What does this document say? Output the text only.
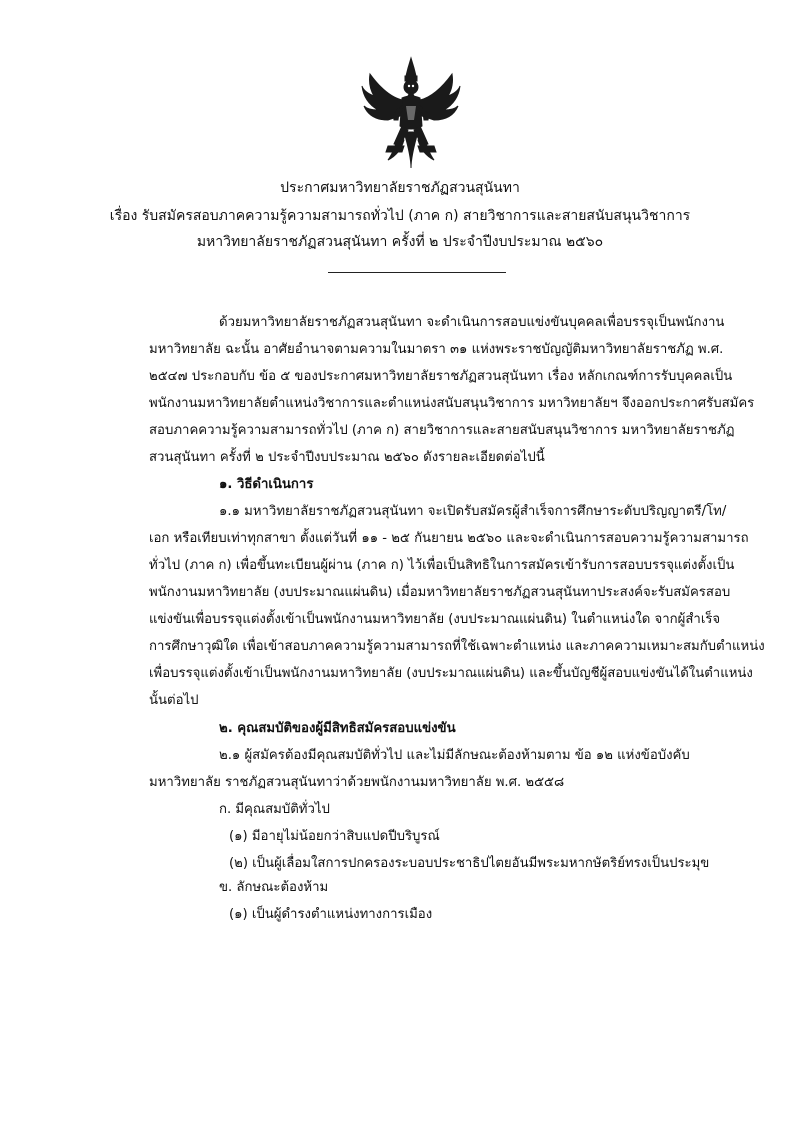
ประกาศมหาวิทยาลัยราชภัฏสวนสุนันทา
เรื่อง รับสมัครสอบภาคความรู้ความสามารถทั่วไป (ภาค ก) สายวิชาการและสายสนับสนุนวิชาการ
มหาวิทยาลัยราชภัฏสวนสุนันทา ครั้งที่ ๒ ประจำปีงบประมาณ ๒๕๖๐
ด้วยมหาวิทยาลัยราชภัฏสวนสุนันทา จะดำเนินการสอบแข่งขันบุคคลเพื่อบรรจุเป็นพนักงาน
มหาวิทยาลัย ฉะนั้น อาศัยอำนาจตามความในมาตรา ๓๑ แห่งพระราชบัญญัติมหาวิทยาลัยราชภัฏ พ.ศ.
๒๕๔๗ ประกอบกับ ข้อ ๕ ของประกาศมหาวิทยาลัยราชภัฏสวนสุนันทา เรื่อง หลักเกณฑ์การรับบุคคลเป็น
พนักงานมหาวิทยาลัยตำแหน่งวิชาการและตำแหน่งสนับสนุนวิชาการ มหาวิทยาลัยฯ จึงออกประกาศรับสมัคร
สอบภาคความรู้ความสามารถทั่วไป (ภาค ก) สายวิชาการและสายสนับสนุนวิชาการ มหาวิทยาลัยราชภัฏ
สวนสุนันทา ครั้งที่ ๒ ประจำปีงบประมาณ ๒๕๖๐ ดังรายละเอียดต่อไปนี้
๑. วิธีดำเนินการ
๑.๑ มหาวิทยาลัยราชภัฏสวนสุนันทา จะเปิดรับสมัครผู้สำเร็จการศึกษาระดับปริญญาตรี/โท/
เอก หรือเทียบเท่าทุกสาขา ตั้งแต่วันที่ ๑๑ - ๒๕ กันยายน ๒๕๖๐ และจะดำเนินการสอบความรู้ความสามารถ
ทั่วไป (ภาค ก) เพื่อขึ้นทะเบียนผู้ผ่าน (ภาค ก) ไว้เพื่อเป็นสิทธิในการสมัครเข้ารับการสอบบรรจุแต่งตั้งเป็น
พนักงานมหาวิทยาลัย (งบประมาณแผ่นดิน) เมื่อมหาวิทยาลัยราชภัฏสวนสุนันทาประสงค์จะรับสมัครสอบ
แข่งขันเพื่อบรรจุแต่งตั้งเข้าเป็นพนักงานมหาวิทยาลัย (งบประมาณแผ่นดิน) ในตำแหน่งใด จากผู้สำเร็จ
การศึกษาวุฒิใด เพื่อเข้าสอบภาคความรู้ความสามารถที่ใช้เฉพาะตำแหน่ง และภาคความเหมาะสมกับตำแหน่ง
เพื่อบรรจุแต่งตั้งเข้าเป็นพนักงานมหาวิทยาลัย (งบประมาณแผ่นดิน) และขึ้นบัญชีผู้สอบแข่งขันได้ในตำแหน่ง
นั้นต่อไป
๒. คุณสมบัติของผู้มีสิทธิสมัครสอบแข่งขัน
๒.๑ ผู้สมัครต้องมีคุณสมบัติทั่วไป และไม่มีลักษณะต้องห้ามตาม ข้อ ๑๒ แห่งข้อบังคับ
มหาวิทยาลัย ราชภัฏสวนสุนันทาว่าด้วยพนักงานมหาวิทยาลัย พ.ศ. ๒๕๕๘
ก. มีคุณสมบัติทั่วไป
(๑) มีอายุไม่น้อยกว่าสิบแปดปีบริบูรณ์
(๒) เป็นผู้เลื่อมใสการปกครองระบอบประชาธิปไตยอันมีพระมหากษัตริย์ทรงเป็นประมุข
ข. ลักษณะต้องห้าม
(๑) เป็นผู้ดำรงตำแหน่งทางการเมือง
